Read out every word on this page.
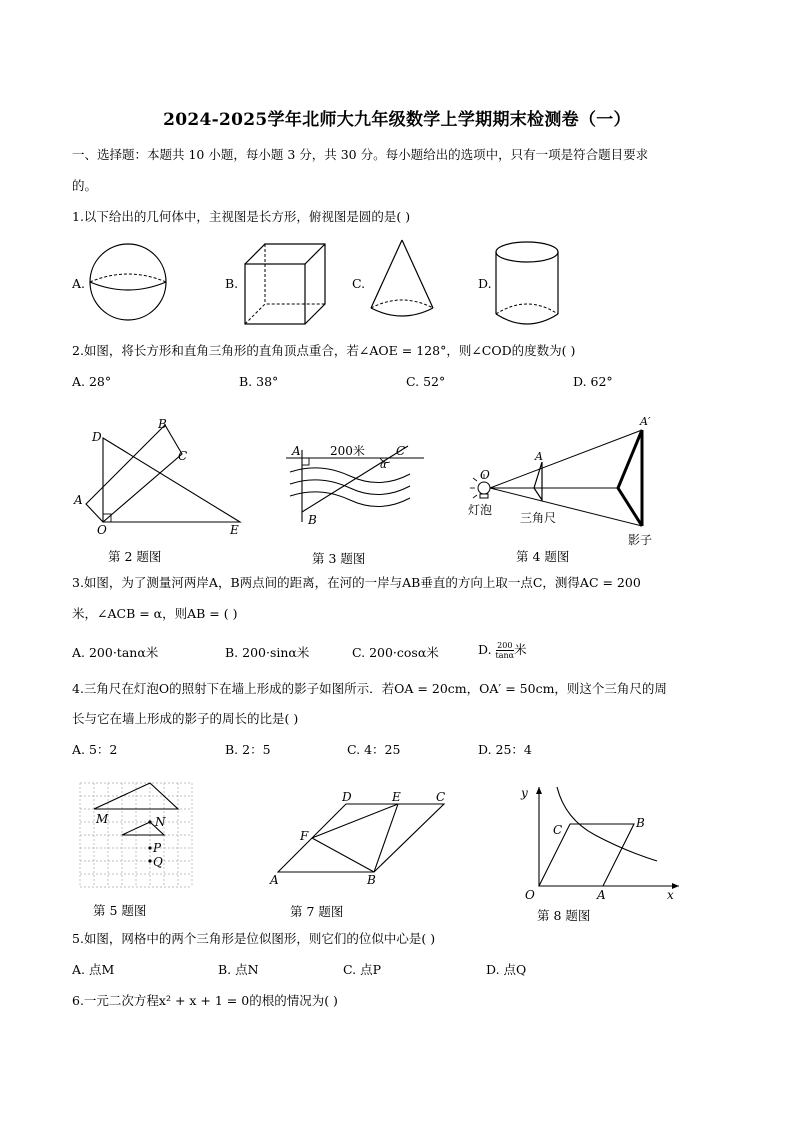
2024-2025学年北师大九年级数学上学期期末检测卷（一）
一、选择题：本题共 10 小题，每小题 3 分，共 30 分。每小题给出的选项中，只有一项是符合题目要求
的。
1.以下给出的几何体中，主视图是长方形，俯视图是圆的是( )
A.	B.	C.	D.
2.如图，将长方形和直角三角形的直角顶点重合，若∠AOE = 128°，则∠COD的度数为( )
A. 28°	B. 38°	C. 52°	D. 62°
D
B
C
A
O	E
第 2 题图
A 200米	C
α
B
第 3 题图
O
A
A′
灯泡
三角尺
影子
第 4 题图
3.如图，为了测量河两岸A，B两点间的距离，在河的一岸与AB垂直的方向上取一点C，测得AC = 200
米，∠ACB = α，则AB = ( )
A. 200·tanα米	B. 200·sinα米	C. 200·cosα米	D. $\frac{200}{\tan\alpha}$ 米
4.三角尺在灯泡O的照射下在墙上形成的影子如图所示．若OA = 20cm，OA′ = 50cm，则这个三角尺的周
长与它在墙上形成的影子的周长的比是( )
A. 5：2	B. 2：5	C. 4：25	D. 25：4
M	N
P
Q
第 5 题图
D	E	C
F
A	B
第 7 题图
y
x
O	A
B
C
第 8 题图
5.如图，网格中的两个三角形是位似图形，则它们的位似中心是( )
A. 点M	B. 点N	C. 点P	D. 点Q
6.一元二次方程x² + x + 1 = 0的根的情况为( )
